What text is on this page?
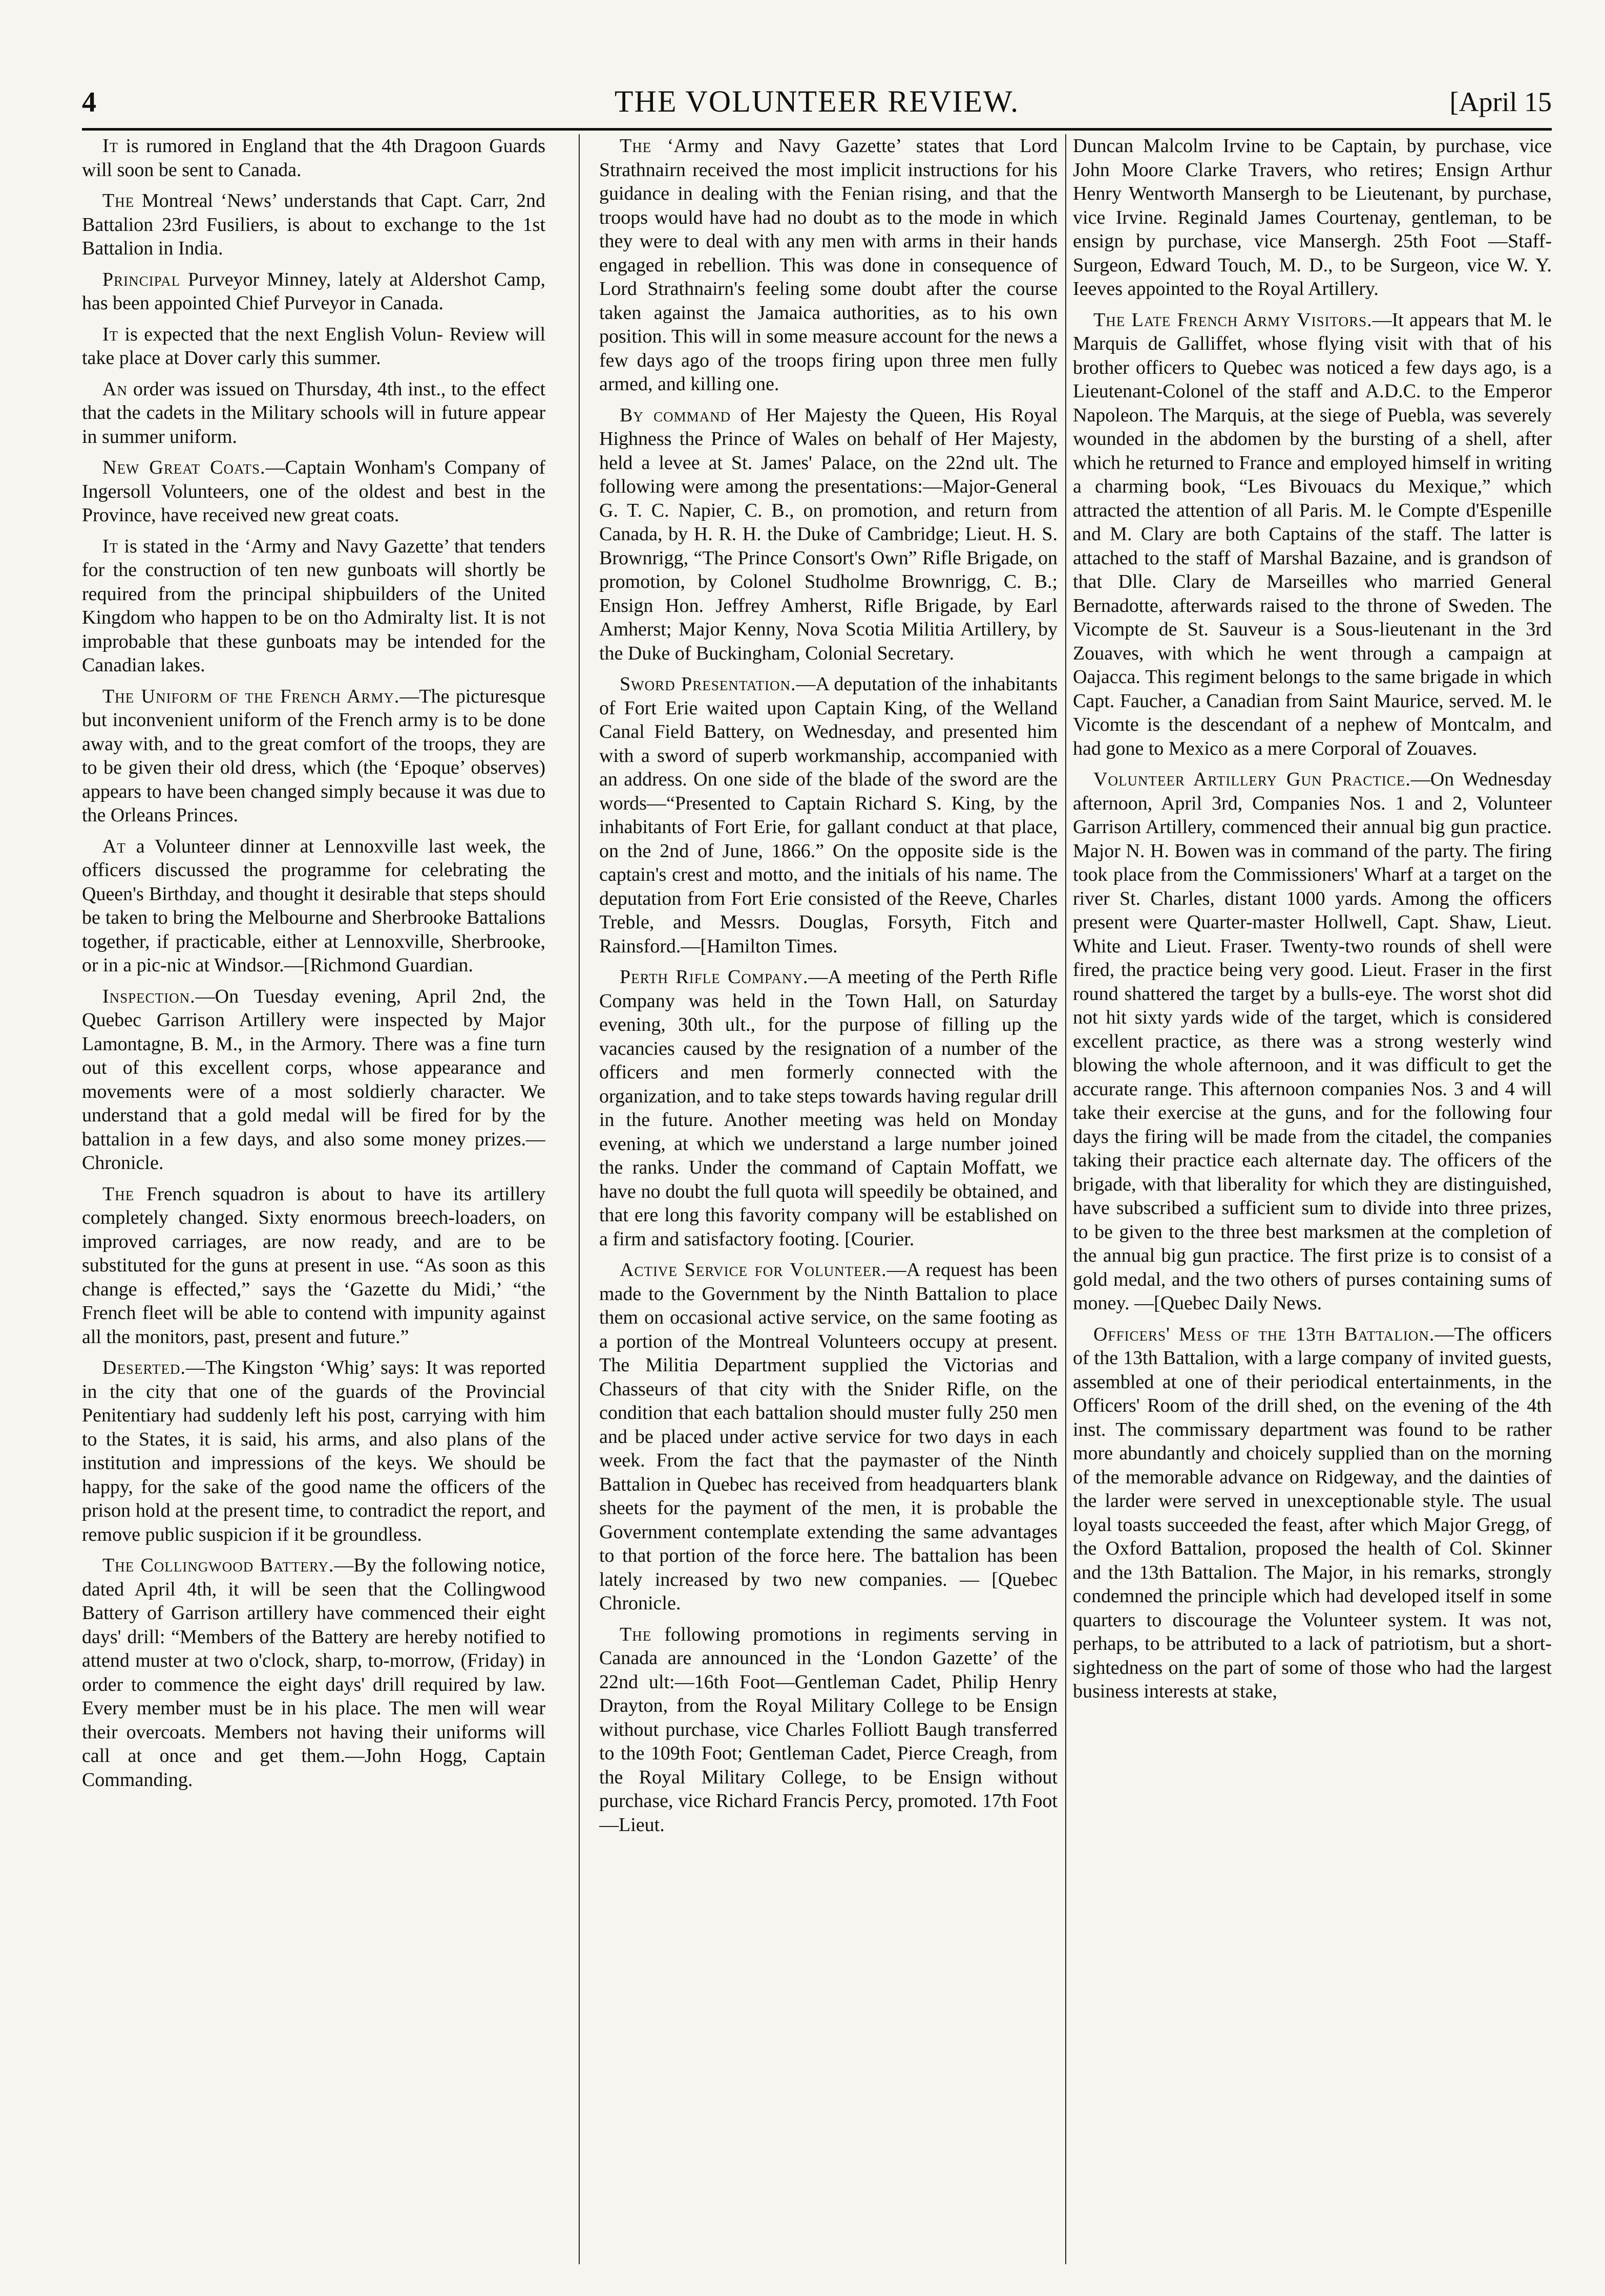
4	THE VOLUNTEER REVIEW.	[April 15

It is rumored in England that the 4th Dragoon Guards will soon be sent to Canada.

The Montreal ‘News’ understands that Capt. Carr, 2nd Battalion 23rd Fusiliers, is about to exchange to the 1st Battalion in India.

Principal Purveyor Minney, lately at Aldershot Camp, has been appointed Chief Purveyor in Canada.

It is expected that the next English Volun- Review will take place at Dover carly this summer.

An order was issued on Thursday, 4th inst., to the effect that the cadets in the Military schools will in future appear in summer uniform.

New Great Coats.—Captain Wonham's Company of Ingersoll Volunteers, one of the oldest and best in the Province, have received new great coats.

It is stated in the ‘Army and Navy Gazette’ that tenders for the construction of ten new gunboats will shortly be required from the principal shipbuilders of the United Kingdom who happen to be on tho Admiralty list. It is not improbable that these gunboats may be intended for the Canadian lakes.

The Uniform of the French Army.—The picturesque but inconvenient uniform of the French army is to be done away with, and to the great comfort of the troops, they are to be given their old dress, which (the ‘Epoque’ observes) appears to have been changed simply because it was due to the Orleans Princes.

At a Volunteer dinner at Lennoxville last week, the officers discussed the programme for celebrating the Queen's Birthday, and thought it desirable that steps should be taken to bring the Melbourne and Sherbrooke Battalions together, if practicable, either at Lennoxville, Sherbrooke, or in a pic-nic at Windsor.—[Richmond Guardian.

Inspection.—On Tuesday evening, April 2nd, the Quebec Garrison Artillery were inspected by Major Lamontagne, B. M., in the Armory. There was a fine turn out of this excellent corps, whose appearance and movements were of a most soldierly character. We understand that a gold medal will be fired for by the battalion in a few days, and also some money prizes.—Chronicle.

The French squadron is about to have its artillery completely changed. Sixty enormous breech-loaders, on improved carriages, are now ready, and are to be substituted for the guns at present in use. “As soon as this change is effected,” says the ‘Gazette du Midi,’ “the French fleet will be able to contend with impunity against all the monitors, past, present and future.”

Deserted.—The Kingston ‘Whig’ says: It was reported in the city that one of the guards of the Provincial Penitentiary had suddenly left his post, carrying with him to the States, it is said, his arms, and also plans of the institution and impressions of the keys. We should be happy, for the sake of the good name the officers of the prison hold at the present time, to contradict the report, and remove public suspicion if it be groundless.

The Collingwood Battery.—By the following notice, dated April 4th, it will be seen that the Collingwood Battery of Garrison artillery have commenced their eight days' drill: “Members of the Battery are hereby notified to attend muster at two o'clock, sharp, to-morrow, (Friday) in order to commence the eight days' drill required by law. Every member must be in his place. The men will wear their overcoats. Members not having their uniforms will call at once and get them.—John Hogg, Captain Commanding.

The ‘Army and Navy Gazette’ states that Lord Strathnairn received the most implicit instructions for his guidance in dealing with the Fenian rising, and that the troops would have had no doubt as to the mode in which they were to deal with any men with arms in their hands engaged in rebellion. This was done in consequence of Lord Strathnairn's feeling some doubt after the course taken against the Jamaica authorities, as to his own position. This will in some measure account for the news a few days ago of the troops firing upon three men fully armed, and killing one.

By command of Her Majesty the Queen, His Royal Highness the Prince of Wales on behalf of Her Majesty, held a levee at St. James' Palace, on the 22nd ult. The following were among the presentations:—Major-General G. T. C. Napier, C. B., on promotion, and return from Canada, by H. R. H. the Duke of Cambridge; Lieut. H. S. Brownrigg, “The Prince Consort's Own” Rifle Brigade, on promotion, by Colonel Studholme Brownrigg, C. B.; Ensign Hon. Jeffrey Amherst, Rifle Brigade, by Earl Amherst; Major Kenny, Nova Scotia Militia Artillery, by the Duke of Buckingham, Colonial Secretary.

Sword Presentation.—A deputation of the inhabitants of Fort Erie waited upon Captain King, of the Welland Canal Field Battery, on Wednesday, and presented him with a sword of superb workmanship, accompanied with an address. On one side of the blade of the sword are the words—“Presented to Captain Richard S. King, by the inhabitants of Fort Erie, for gallant conduct at that place, on the 2nd of June, 1866.” On the opposite side is the captain's crest and motto, and the initials of his name. The deputation from Fort Erie consisted of the Reeve, Charles Treble, and Messrs. Douglas, Forsyth, Fitch and Rainsford.—[Hamilton Times.

Perth Rifle Company.—A meeting of the Perth Rifle Company was held in the Town Hall, on Saturday evening, 30th ult., for the purpose of filling up the vacancies caused by the resignation of a number of the officers and men formerly connected with the organization, and to take steps towards having regular drill in the future. Another meeting was held on Monday evening, at which we understand a large number joined the ranks. Under the command of Captain Moffatt, we have no doubt the full quota will speedily be obtained, and that ere long this favority company will be established on a firm and satisfactory footing. [Courier.

Active Service for Volunteer.—A request has been made to the Government by the Ninth Battalion to place them on occasional active service, on the same footing as a portion of the Montreal Volunteers occupy at present. The Militia Department supplied the Victorias and Chasseurs of that city with the Snider Rifle, on the condition that each battalion should muster fully 250 men and be placed under active service for two days in each week. From the fact that the paymaster of the Ninth Battalion in Quebec has received from headquarters blank sheets for the payment of the men, it is probable the Government contemplate extending the same advantages to that portion of the force here. The battalion has been lately increased by two new companies. — [Quebec Chronicle.

The following promotions in regiments serving in Canada are announced in the ‘London Gazette’ of the 22nd ult:—16th Foot—Gentleman Cadet, Philip Henry Drayton, from the Royal Military College to be Ensign without purchase, vice Charles Folliott Baugh transferred to the 109th Foot; Gentleman Cadet, Pierce Creagh, from the Royal Military College, to be Ensign without purchase, vice Richard Francis Percy, promoted. 17th Foot—Lieut.

Duncan Malcolm Irvine to be Captain, by purchase, vice John Moore Clarke Travers, who retires; Ensign Arthur Henry Wentworth Mansergh to be Lieutenant, by purchase, vice Irvine. Reginald James Courtenay, gentleman, to be ensign by purchase, vice Mansergh. 25th Foot —Staff-Surgeon, Edward Touch, M. D., to be Surgeon, vice W. Y. Ieeves appointed to the Royal Artillery.

The Late French Army Visitors.—It appears that M. le Marquis de Galliffet, whose flying visit with that of his brother officers to Quebec was noticed a few days ago, is a Lieutenant-Colonel of the staff and A.D.C. to the Emperor Napoleon. The Marquis, at the siege of Puebla, was severely wounded in the abdomen by the bursting of a shell, after which he returned to France and employed himself in writing a charming book, “Les Bivouacs du Mexique,” which attracted the attention of all Paris. M. le Compte d'Espenille and M. Clary are both Captains of the staff. The latter is attached to the staff of Marshal Bazaine, and is grandson of that Dlle. Clary de Marseilles who married General Bernadotte, afterwards raised to the throne of Sweden. The Vicompte de St. Sauveur is a Sous-lieutenant in the 3rd Zouaves, with which he went through a campaign at Oajacca. This regiment belongs to the same brigade in which Capt. Faucher, a Canadian from Saint Maurice, served. M. le Vicomte is the descendant of a nephew of Montcalm, and had gone to Mexico as a mere Corporal of Zouaves.

Volunteer Artillery Gun Practice.—On Wednesday afternoon, April 3rd, Companies Nos. 1 and 2, Volunteer Garrison Artillery, commenced their annual big gun practice. Major N. H. Bowen was in command of the party. The firing took place from the Commissioners' Wharf at a target on the river St. Charles, distant 1000 yards. Among the officers present were Quarter-master Hollwell, Capt. Shaw, Lieut. White and Lieut. Fraser. Twenty-two rounds of shell were fired, the practice being very good. Lieut. Fraser in the first round shattered the target by a bulls-eye. The worst shot did not hit sixty yards wide of the target, which is considered excellent practice, as there was a strong westerly wind blowing the whole afternoon, and it was difficult to get the accurate range. This afternoon companies Nos. 3 and 4 will take their exercise at the guns, and for the following four days the firing will be made from the citadel, the companies taking their practice each alternate day. The officers of the brigade, with that liberality for which they are distinguished, have subscribed a sufficient sum to divide into three prizes, to be given to the three best marksmen at the completion of the annual big gun practice. The first prize is to consist of a gold medal, and the two others of purses containing sums of money. —[Quebec Daily News.

Officers' Mess of the 13th Battalion.—The officers of the 13th Battalion, with a large company of invited guests, assembled at one of their periodical entertainments, in the Officers' Room of the drill shed, on the evening of the 4th inst. The commissary department was found to be rather more abundantly and choicely supplied than on the morning of the memorable advance on Ridgeway, and the dainties of the larder were served in unexceptionable style. The usual loyal toasts succeeded the feast, after which Major Gregg, of the Oxford Battalion, proposed the health of Col. Skinner and the 13th Battalion. The Major, in his remarks, strongly condemned the principle which had developed itself in some quarters to discourage the Volunteer system. It was not, perhaps, to be attributed to a lack of patriotism, but a short-sightedness on the part of some of those who had the largest business interests at stake,
